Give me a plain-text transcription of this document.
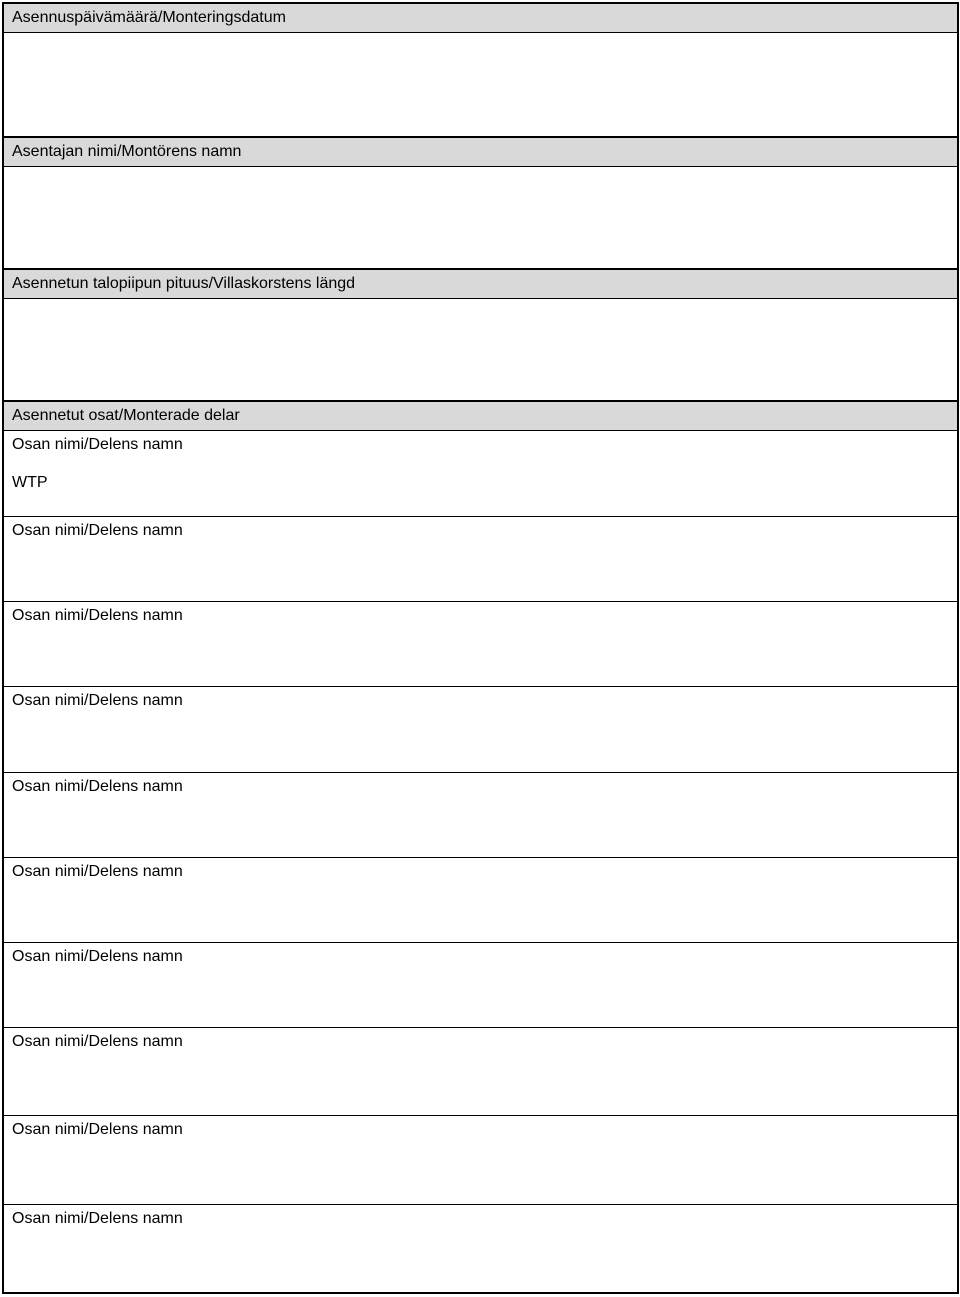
Asennuspäivämäärä/Monteringsdatum
Asentajan nimi/Montörens namn
Asennetun talopiipun pituus/Villaskorstens längd
Asennetut osat/Monterade delar
Osan nimi/Delens namn
WTP
Osan nimi/Delens namn
Osan nimi/Delens namn
Osan nimi/Delens namn
Osan nimi/Delens namn
Osan nimi/Delens namn
Osan nimi/Delens namn
Osan nimi/Delens namn
Osan nimi/Delens namn
Osan nimi/Delens namn
